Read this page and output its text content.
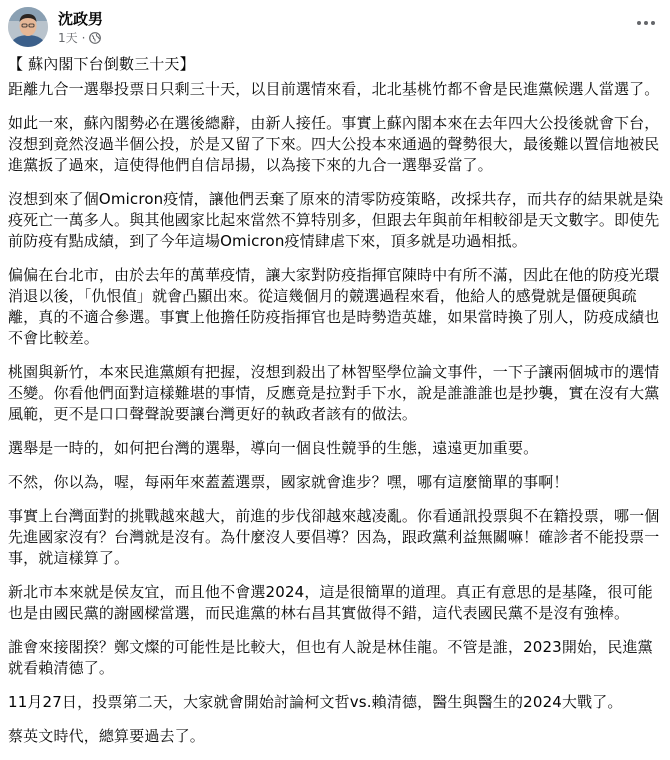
沈政男
1天 ·

【 蘇內閣下台倒數三十天】

距離九合一選舉投票日只剩三十天，以目前選情來看，北北基桃竹都不會是民進黨候選人當選了。

如此一來，蘇內閣勢必在選後總辭，由新人接任。事實上蘇內閣本來在去年四大公投後就會下台，沒想到竟然沒過半個公投，於是又留了下來。四大公投本來通過的聲勢很大，最後難以置信地被民進黨扳了過來，這使得他們自信昂揚，以為接下來的九合一選舉妥當了。

沒想到來了個Omicron疫情，讓他們丟棄了原來的清零防疫策略，改採共存，而共存的結果就是染疫死亡一萬多人。與其他國家比起來當然不算特別多，但跟去年與前年相較卻是天文數字。即使先前防疫有點成績，到了今年這場Omicron疫情肆虐下來，頂多就是功過相抵。

偏偏在台北市，由於去年的萬華疫情，讓大家對防疫指揮官陳時中有所不滿，因此在他的防疫光環消退以後，「仇恨值」就會凸顯出來。從這幾個月的競選過程來看，他給人的感覺就是僵硬與疏離，真的不適合參選。事實上他擔任防疫指揮官也是時勢造英雄，如果當時換了別人，防疫成績也不會比較差。

桃園與新竹，本來民進黨頗有把握，沒想到殺出了林智堅學位論文事件，一下子讓兩個城市的選情丕變。你看他們面對這樣難堪的事情，反應竟是拉對手下水，說是誰誰誰也是抄襲，實在沒有大黨風範，更不是口口聲聲說要讓台灣更好的執政者該有的做法。

選舉是一時的，如何把台灣的選舉，導向一個良性競爭的生態，遠遠更加重要。

不然，你以為，喔，每兩年來蓋蓋選票，國家就會進步？嘿，哪有這麼簡單的事啊！

事實上台灣面對的挑戰越來越大，前進的步伐卻越來越凌亂。你看通訊投票與不在籍投票，哪一個先進國家沒有？台灣就是沒有。為什麼沒人要倡導？因為，跟政黨利益無關嘛！確診者不能投票一事，就這樣算了。

新北市本來就是侯友宜，而且他不會選2024，這是很簡單的道理。真正有意思的是基隆，很可能也是由國民黨的謝國樑當選，而民進黨的林右昌其實做得不錯，這代表國民黨不是沒有強棒。

誰會來接閣揆？鄭文燦的可能性是比較大，但也有人說是林佳龍。不管是誰，2023開始，民進黨就看賴清德了。

11月27日，投票第二天，大家就會開始討論柯文哲vs.賴清德，醫生與醫生的2024大戰了。

蔡英文時代，總算要過去了。
